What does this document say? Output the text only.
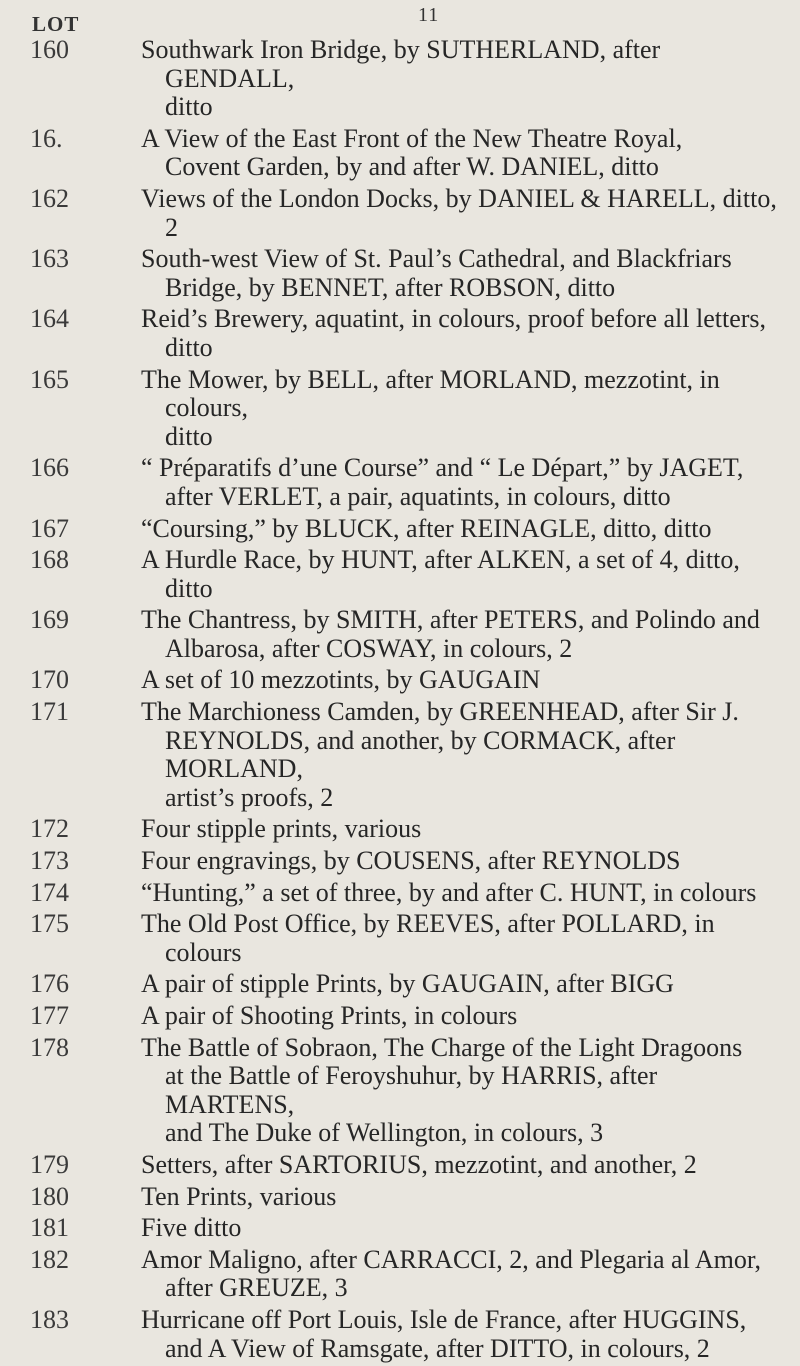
11
LOT
160	Southwark Iron Bridge, by SUTHERLAND, after GENDALL,
ditto
16.	A View of the East Front of the New Theatre Royal,
Covent Garden, by and after W. DANIEL, ditto
162	Views of the London Docks, by DANIEL & HARELL, ditto, 2
163	South-west View of St. Paul’s Cathedral, and Blackfriars
Bridge, by BENNET, after ROBSON, ditto
164	Reid’s Brewery, aquatint, in colours, proof before all letters,
ditto
165	The Mower, by BELL, after MORLAND, mezzotint, in colours,
ditto
166	“ Préparatifs d’une Course” and “ Le Départ,” by JAGET,
after VERLET, a pair, aquatints, in colours, ditto
167	“Coursing,” by BLUCK, after REINAGLE, ditto, ditto
168	A Hurdle Race, by HUNT, after ALKEN, a set of 4, ditto,
ditto
169	The Chantress, by SMITH, after PETERS, and Polindo and
Albarosa, after COSWAY, in colours, 2
170	A set of 10 mezzotints, by GAUGAIN
171	The Marchioness Camden, by GREENHEAD, after Sir J.
REYNOLDS, and another, by CORMACK, after MORLAND,
artist’s proofs, 2
172	Four stipple prints, various
173	Four engravings, by COUSENS, after REYNOLDS
174	“Hunting,” a set of three, by and after C. HUNT, in colours
175	The Old Post Office, by REEVES, after POLLARD, in colours
176	A pair of stipple Prints, by GAUGAIN, after BIGG
177	A pair of Shooting Prints, in colours
178	The Battle of Sobraon, The Charge of the Light Dragoons
at the Battle of Feroyshuhur, by HARRIS, after MARTENS,
and The Duke of Wellington, in colours, 3
179	Setters, after SARTORIUS, mezzotint, and another, 2
180	Ten Prints, various
181	Five ditto
182	Amor Maligno, after CARRACCI, 2, and Plegaria al Amor,
after GREUZE, 3
183	Hurricane off Port Louis, Isle de France, after HUGGINS,
and A View of Ramsgate, after DITTO, in colours, 2
